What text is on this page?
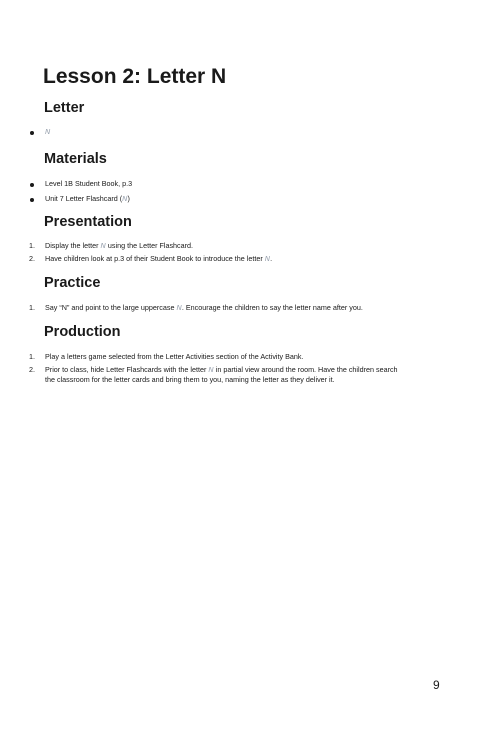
Lesson 2: Letter N
Letter

N

Materials

Level 1B Student Book, p.3

Unit 7 Letter Flashcard (N)

Presentation
1. Display the letter N using the Letter Flashcard.

2. Have children look at p.3 of their Student Book to introduce the letter N.

Practice
1. Say “N” and point to the large uppercase N. Encourage the children to say the letter name after you.

Production
1. Play a letters game selected from the Letter Activities section of the Activity Bank.

2. Prior to class, hide Letter Flashcards with the letter N in partial view around the room. Have the children search

the classroom for the letter cards and bring them to you, naming the letter as they deliver it.

9
